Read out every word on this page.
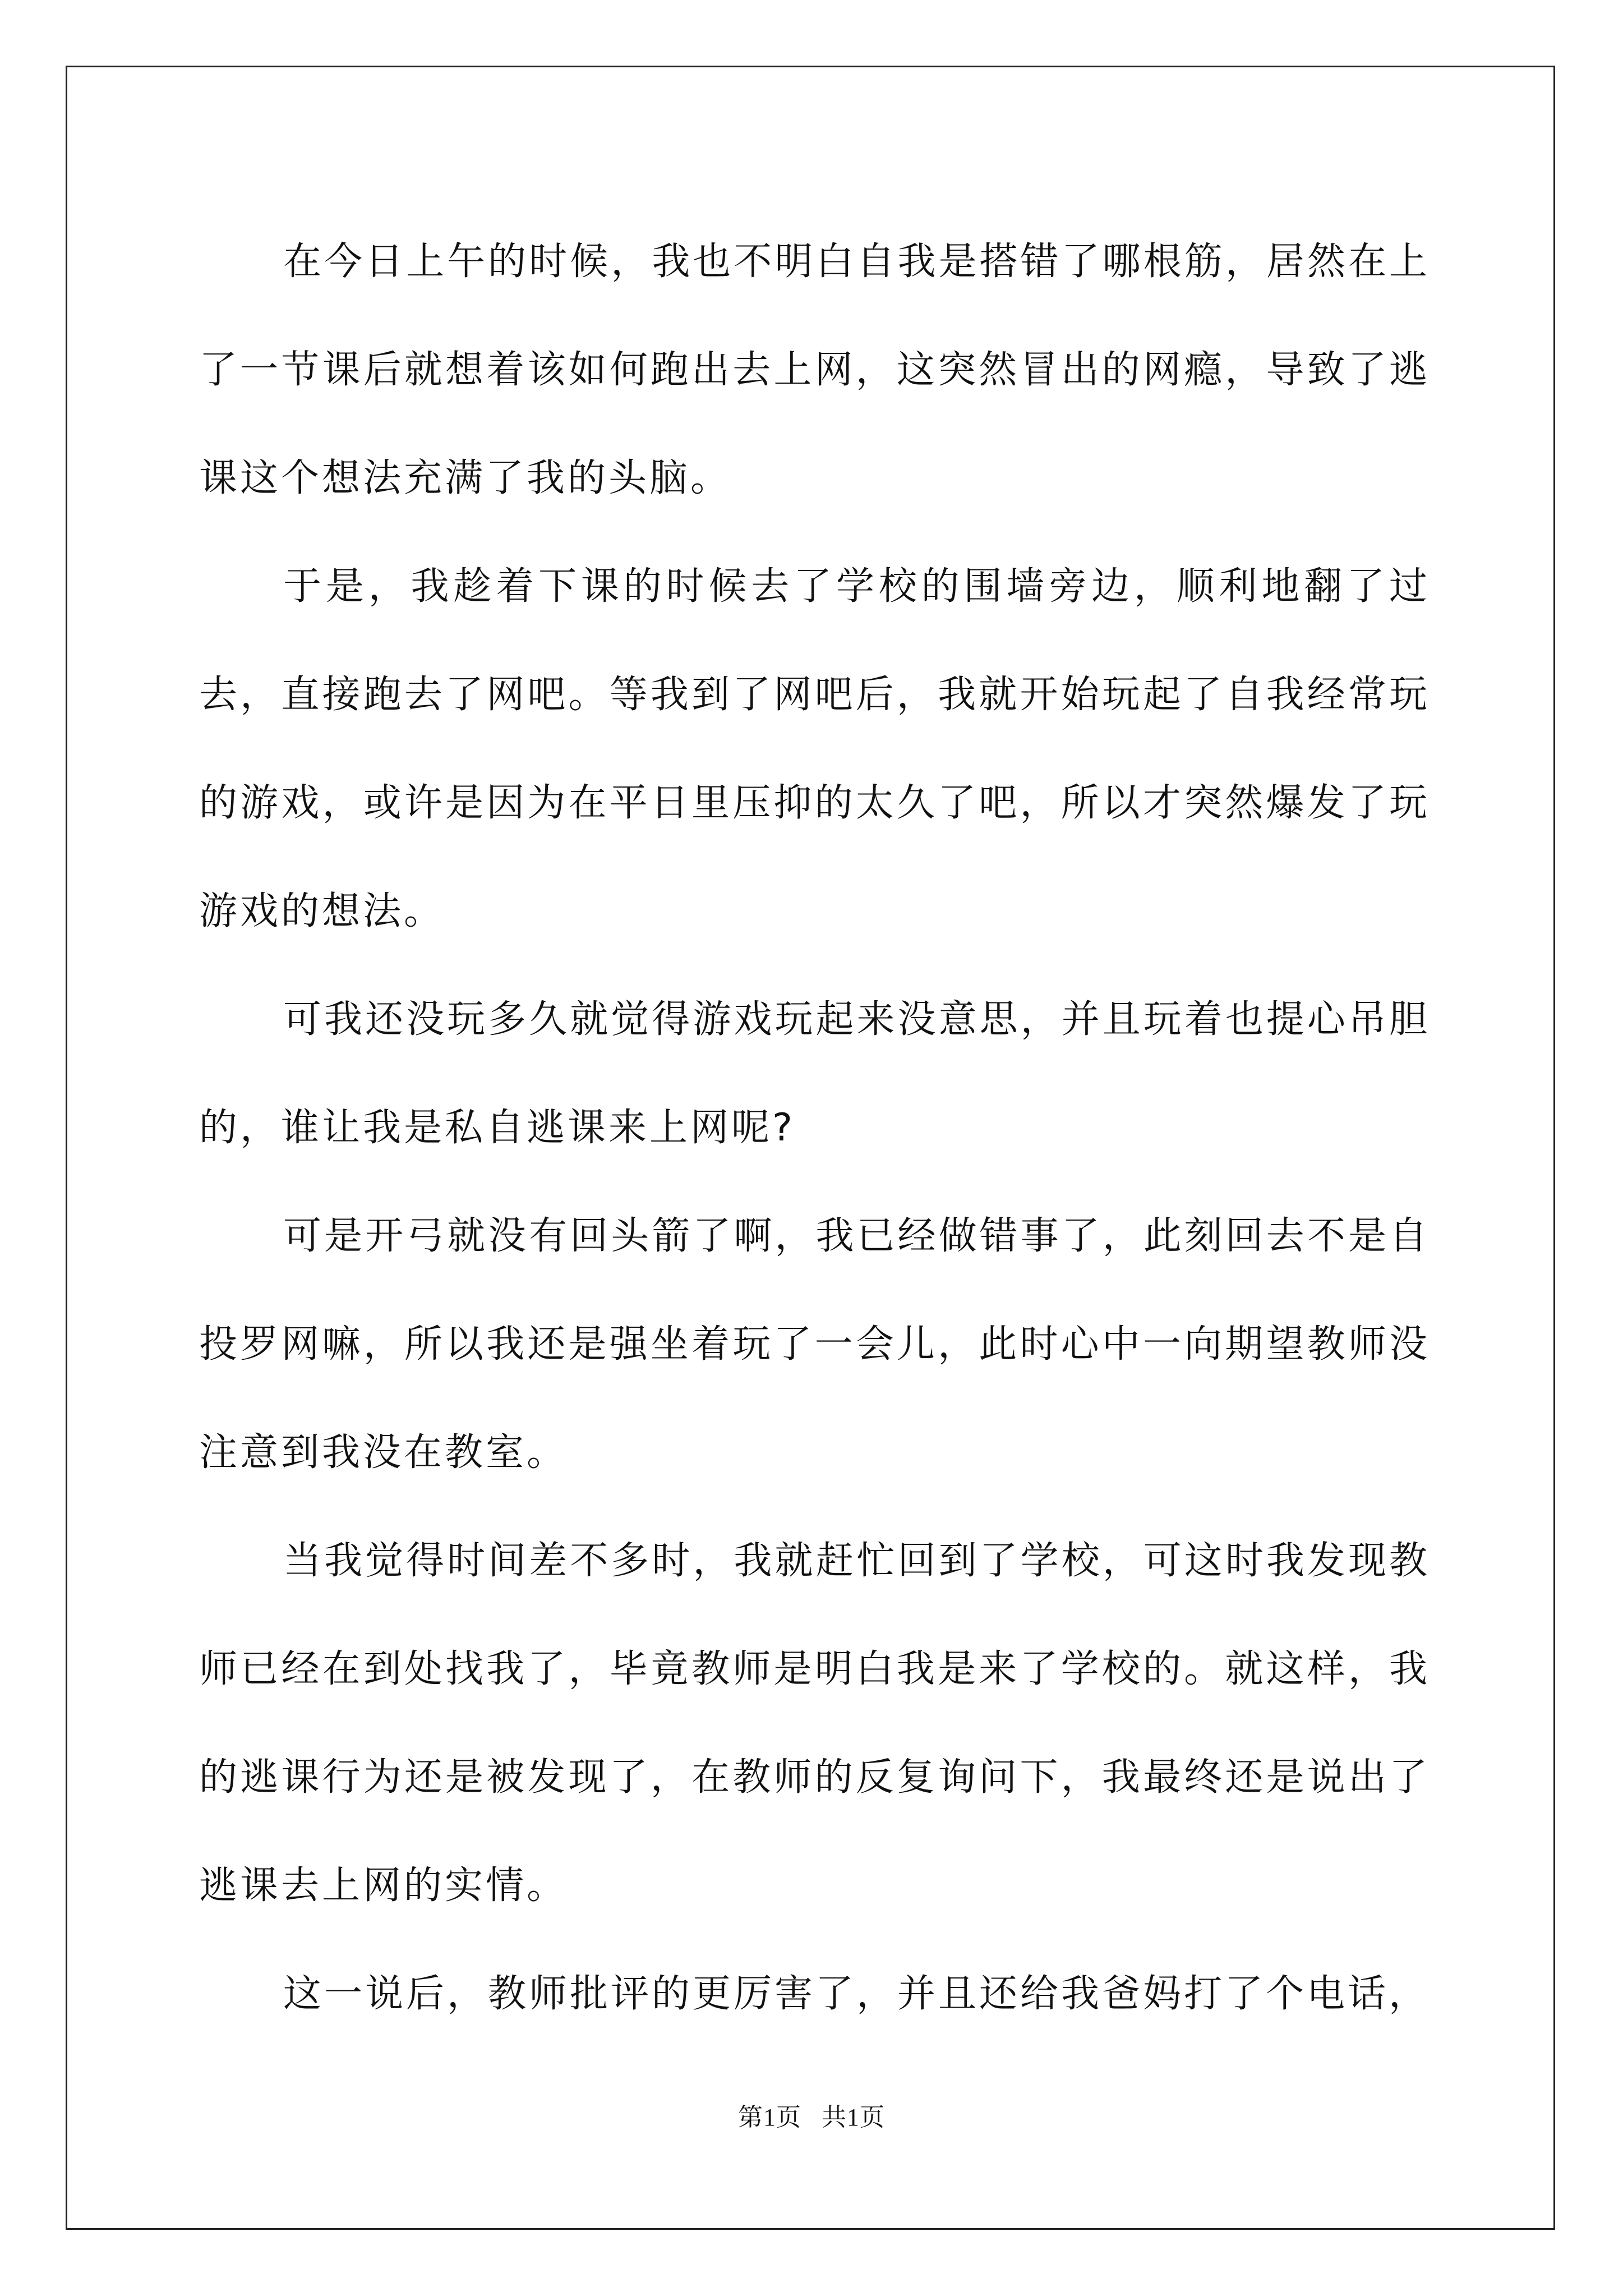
在今日上午的时候，我也不明白自我是搭错了哪根筋，居然在上了一节课后就想着该如何跑出去上网，这突然冒出的网瘾，导致了逃课这个想法充满了我的头脑。

于是，我趁着下课的时候去了学校的围墙旁边，顺利地翻了过去，直接跑去了网吧。等我到了网吧后，我就开始玩起了自我经常玩的游戏，或许是因为在平日里压抑的太久了吧，所以才突然爆发了玩游戏的想法。

可我还没玩多久就觉得游戏玩起来没意思，并且玩着也提心吊胆的，谁让我是私自逃课来上网呢?

可是开弓就没有回头箭了啊，我已经做错事了，此刻回去不是自投罗网嘛，所以我还是强坐着玩了一会儿，此时心中一向期望教师没注意到我没在教室。

当我觉得时间差不多时，我就赶忙回到了学校，可这时我发现教师已经在到处找我了，毕竟教师是明白我是来了学校的。就这样，我的逃课行为还是被发现了，在教师的反复询问下，我最终还是说出了逃课去上网的实情。

这一说后，教师批评的更厉害了，并且还给我爸妈打了个电话，

第1页 共1页
